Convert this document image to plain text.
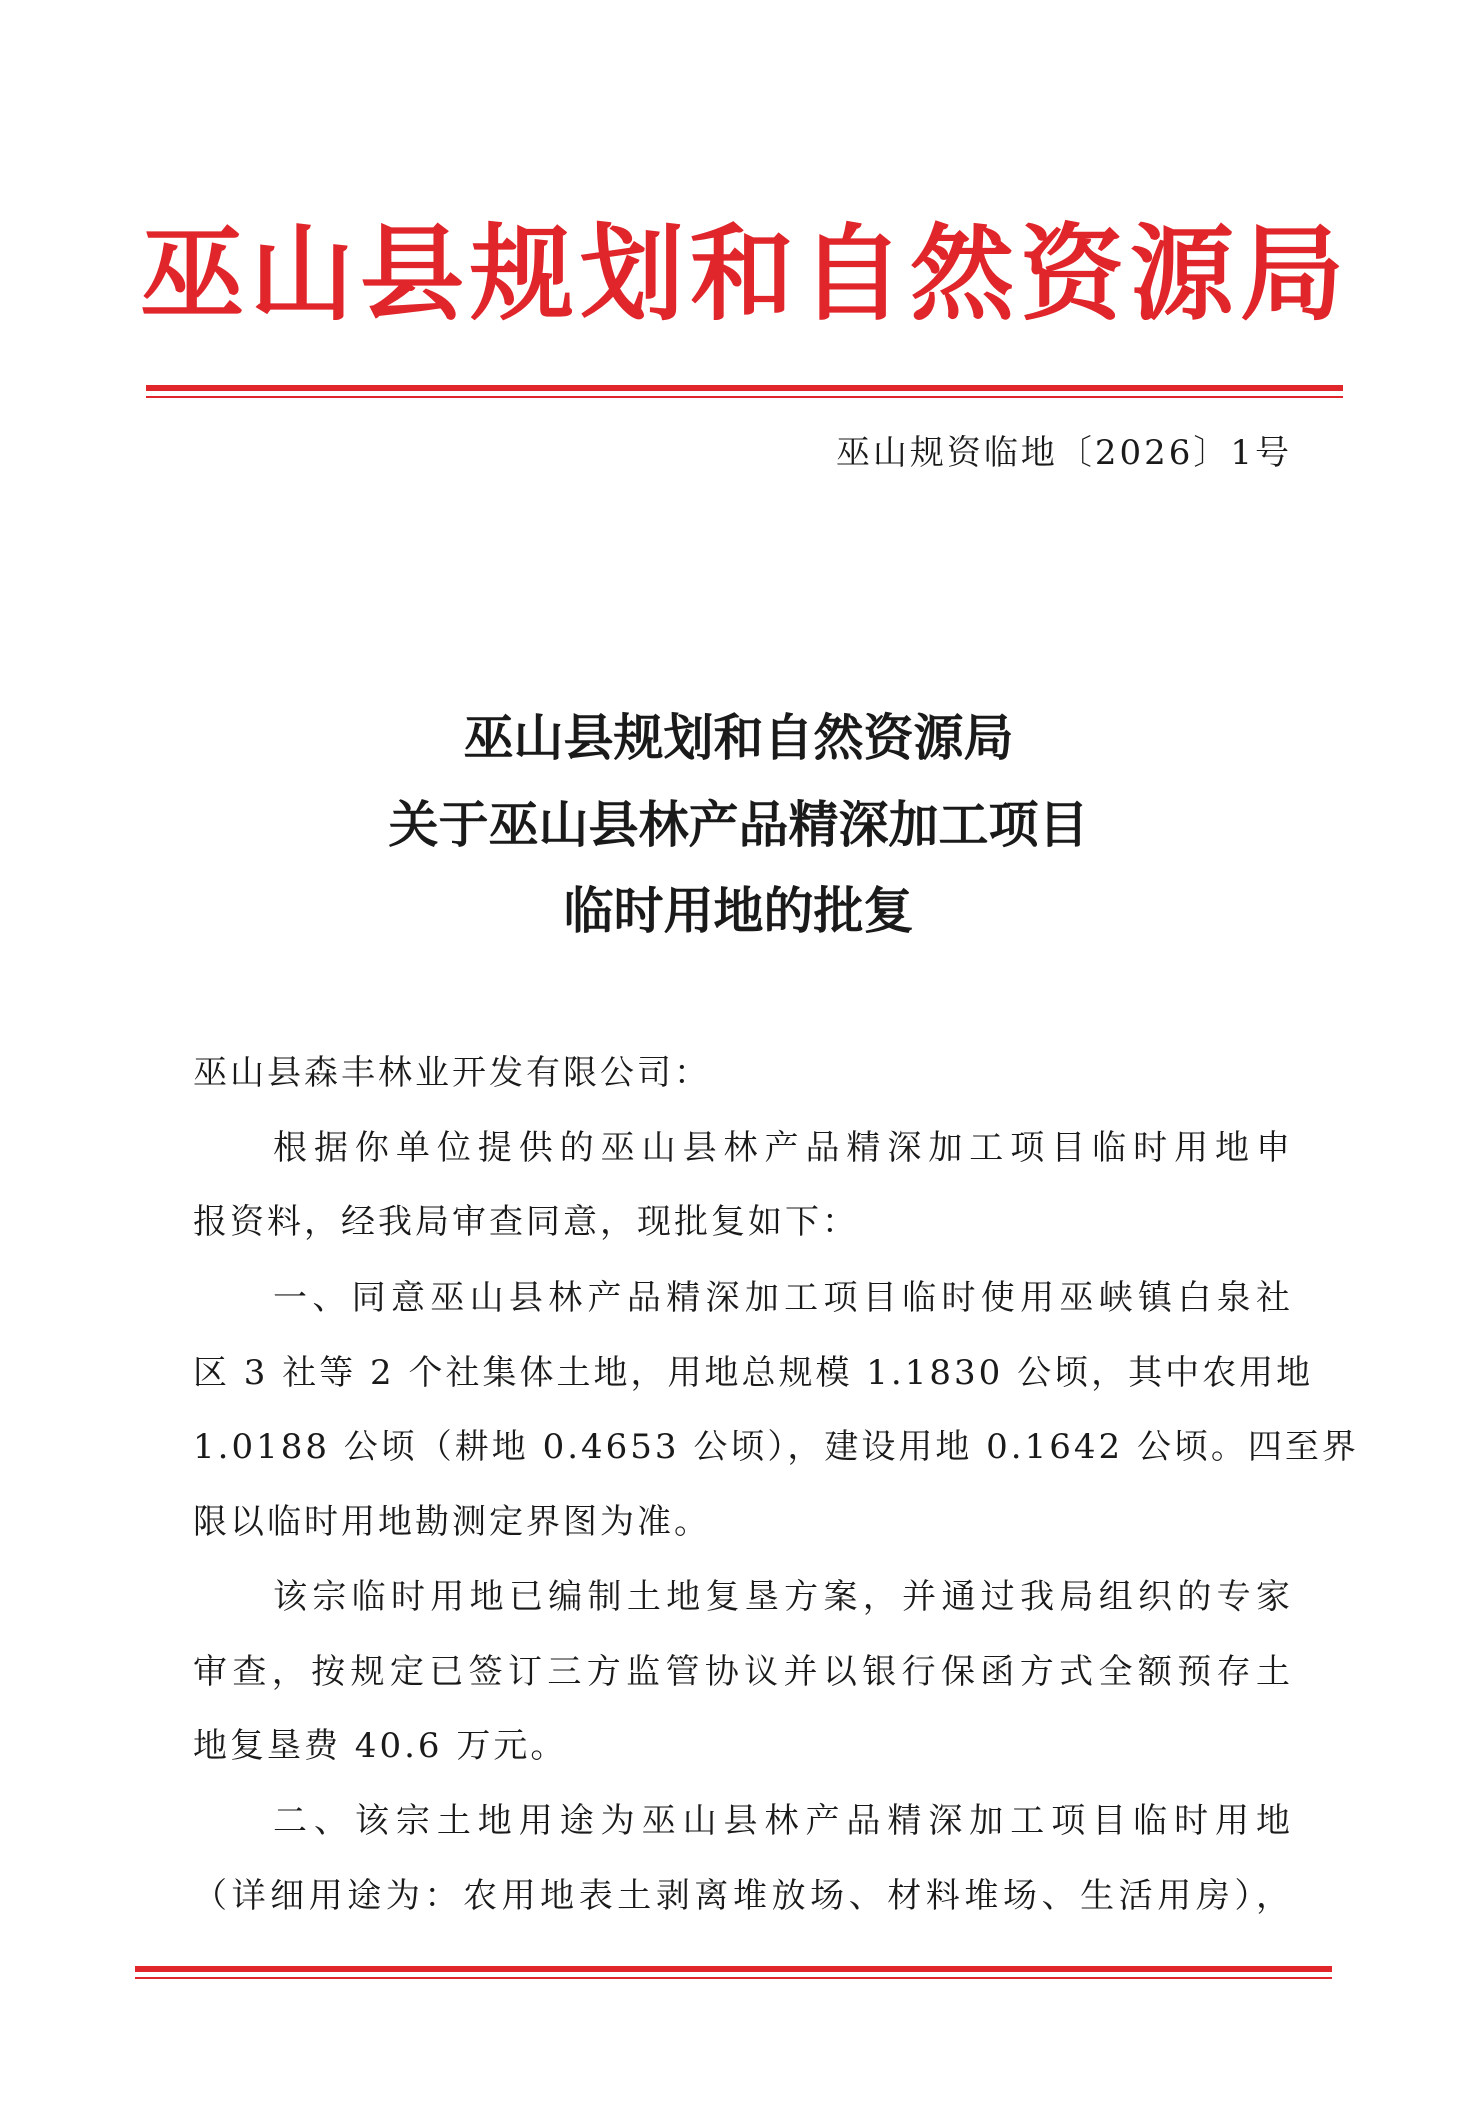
巫山县规划和自然资源局
巫山规资临地〔2026〕1号
巫山县规划和自然资源局
关于巫山县林产品精深加工项目
临时用地的批复
巫山县森丰林业开发有限公司：
根据你单位提供的巫山县林产品精深加工项目临时用地申
报资料，经我局审查同意，现批复如下：
一、同意巫山县林产品精深加工项目临时使用巫峡镇白泉社
区 3 社等 2 个社集体土地，用地总规模 1.1830 公顷，其中农用地
1.0188 公顷（耕地 0.4653 公顷），建设用地 0.1642 公顷。四至界
限以临时用地勘测定界图为准。
该宗临时用地已编制土地复垦方案，并通过我局组织的专家
审查，按规定已签订三方监管协议并以银行保函方式全额预存土
地复垦费 40.6 万元。
二、该宗土地用途为巫山县林产品精深加工项目临时用地
（详细用途为：农用地表土剥离堆放场、材料堆场、生活用房），
